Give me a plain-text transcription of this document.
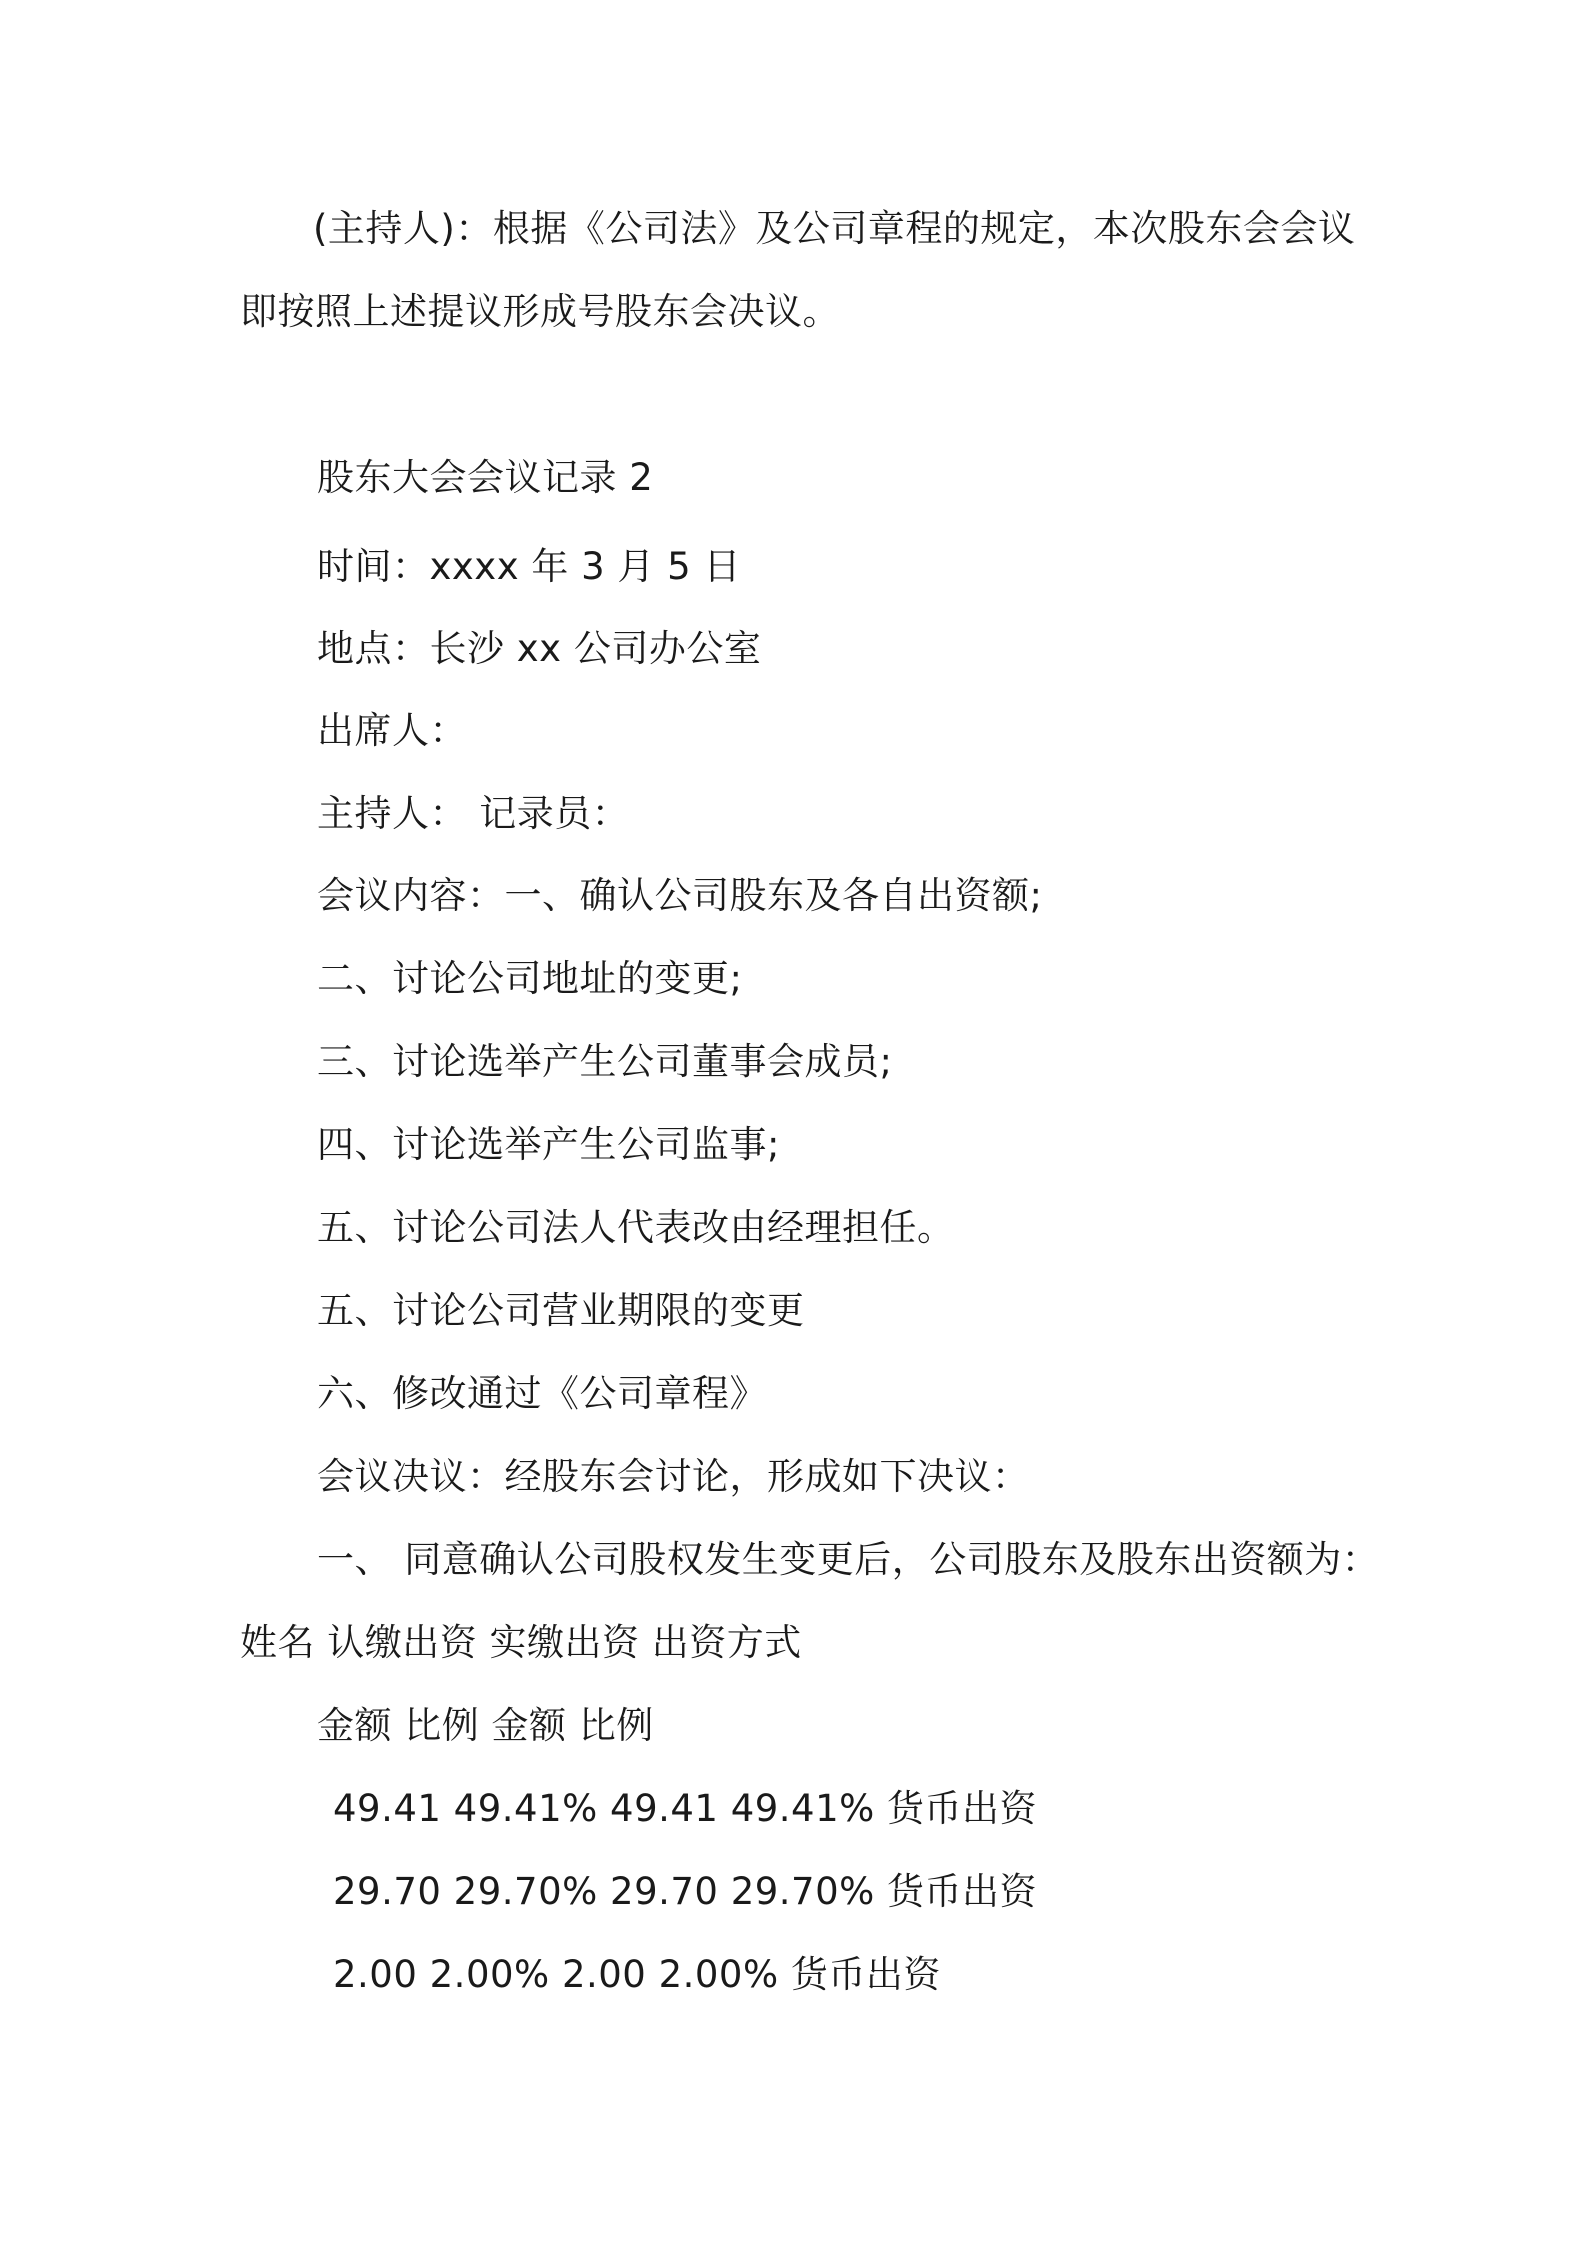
(主持人)：根据《公司法》及公司章程的规定，本次股东会会议
即按照上述提议形成号股东会决议。
股东大会会议记录 2
时间：xxxx 年 3 月 5 日
地点：长沙 xx 公司办公室
出席人：
主持人： 记录员：
会议内容：一、确认公司股东及各自出资额;
二、讨论公司地址的变更;
三、讨论选举产生公司董事会成员;
四、讨论选举产生公司监事;
五、讨论公司法人代表改由经理担任。
五、讨论公司营业期限的变更
六、修改通过《公司章程》
会议决议：经股东会讨论，形成如下决议：
一、 同意确认公司股权发生变更后，公司股东及股东出资额为：
姓名 认缴出资 实缴出资 出资方式
金额 比例 金额 比例
49.41 49.41% 49.41 49.41% 货币出资
29.70 29.70% 29.70 29.70% 货币出资
2.00 2.00% 2.00 2.00% 货币出资
